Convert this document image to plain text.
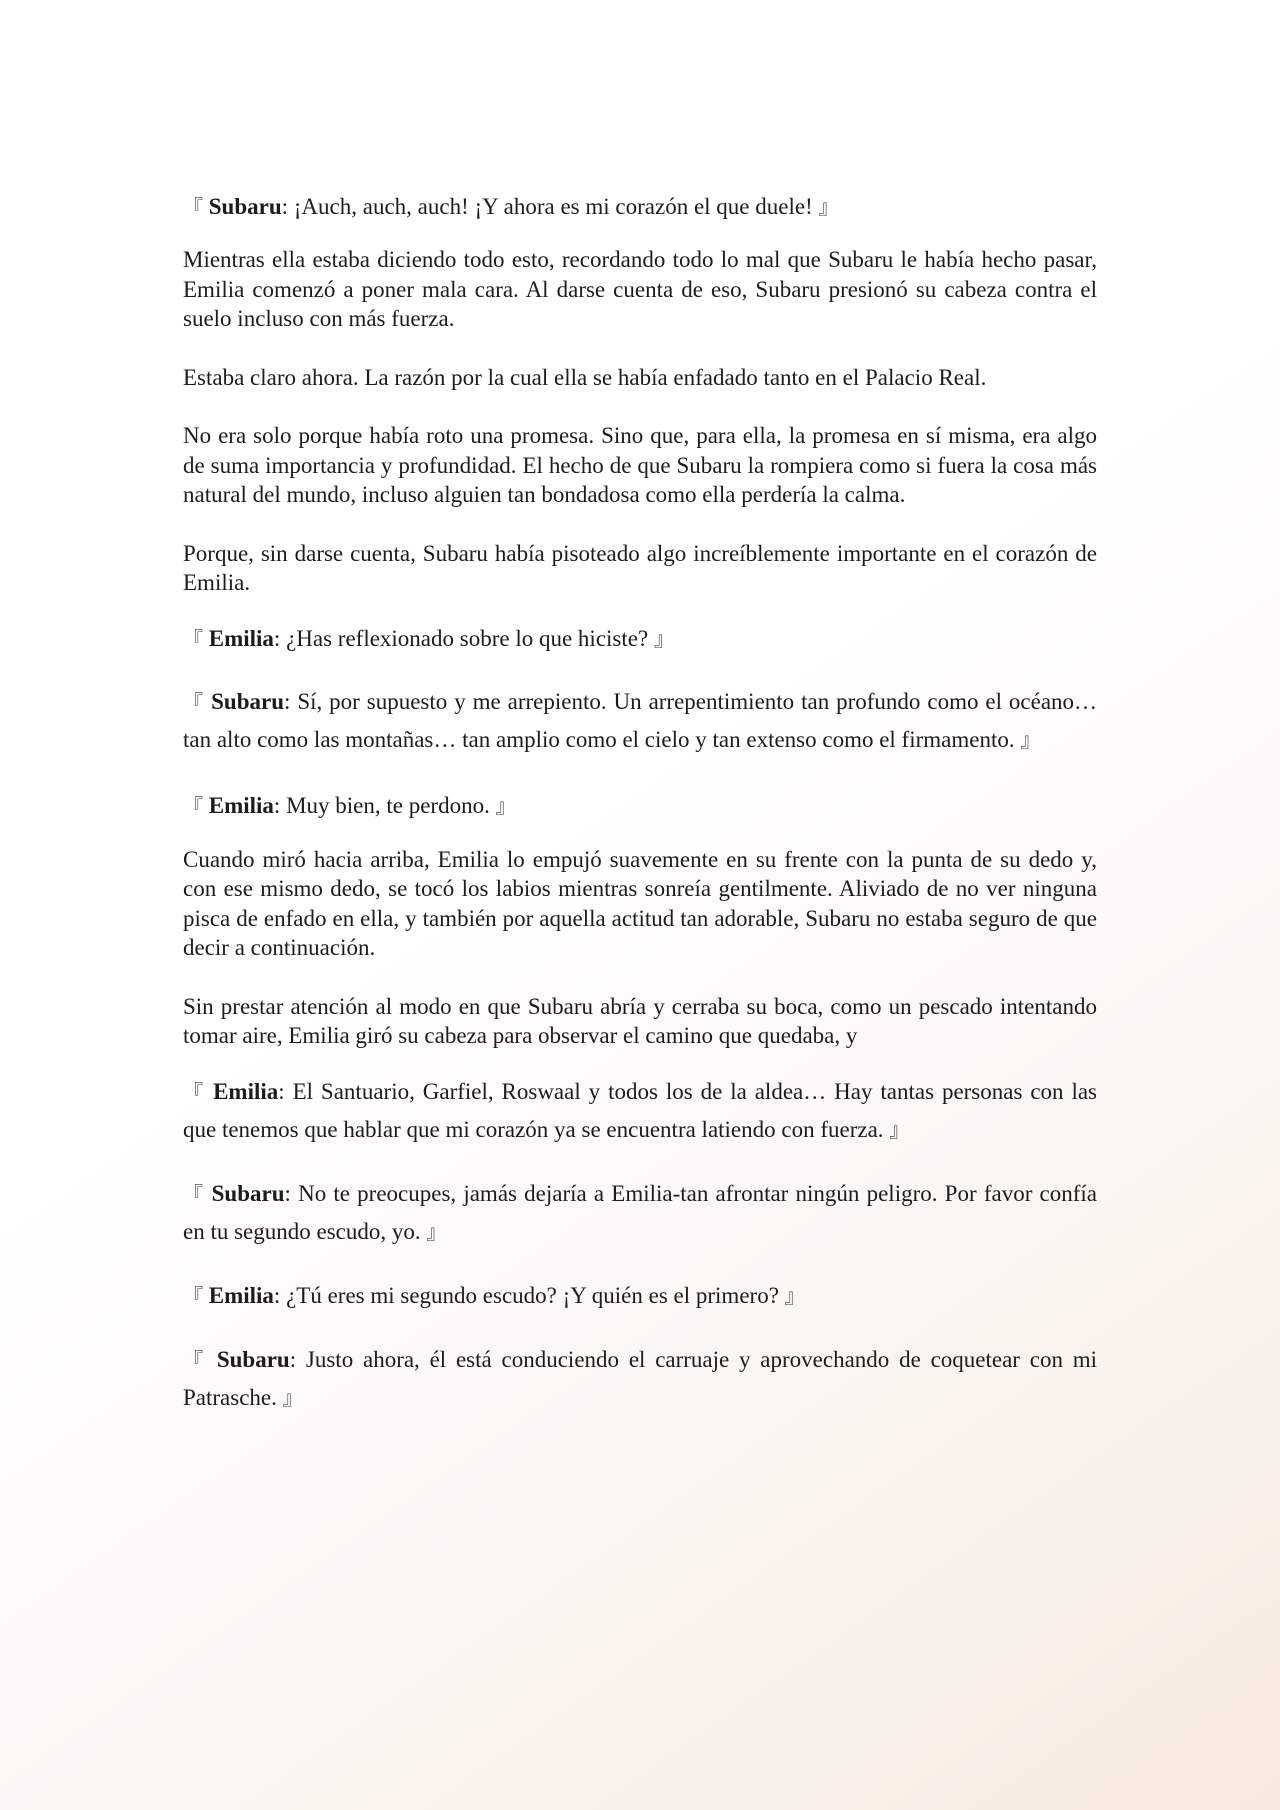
『 Subaru: ¡Auch, auch, auch! ¡Y ahora es mi corazón el que duele! 』

Mientras ella estaba diciendo todo esto, recordando todo lo mal que Subaru le había hecho pasar, Emilia comenzó a poner mala cara. Al darse cuenta de eso, Subaru presionó su cabeza contra el suelo incluso con más fuerza.

Estaba claro ahora. La razón por la cual ella se había enfadado tanto en el Palacio Real.

No era solo porque había roto una promesa. Sino que, para ella, la promesa en sí misma, era algo de suma importancia y profundidad. El hecho de que Subaru la rompiera como si fuera la cosa más natural del mundo, incluso alguien tan bondadosa como ella perdería la calma.

Porque, sin darse cuenta, Subaru había pisoteado algo increíblemente importante en el corazón de Emilia.

『 Emilia: ¿Has reflexionado sobre lo que hiciste? 』

『 Subaru: Sí, por supuesto y me arrepiento. Un arrepentimiento tan profundo como el océano… tan alto como las montañas… tan amplio como el cielo y tan extenso como el firmamento. 』

『 Emilia: Muy bien, te perdono. 』

Cuando miró hacia arriba, Emilia lo empujó suavemente en su frente con la punta de su dedo y, con ese mismo dedo, se tocó los labios mientras sonreía gentilmente. Aliviado de no ver ninguna pisca de enfado en ella, y también por aquella actitud tan adorable, Subaru no estaba seguro de que decir a continuación.

Sin prestar atención al modo en que Subaru abría y cerraba su boca, como un pescado intentando tomar aire, Emilia giró su cabeza para observar el camino que quedaba, y

『 Emilia: El Santuario, Garfiel, Roswaal y todos los de la aldea… Hay tantas personas con las que tenemos que hablar que mi corazón ya se encuentra latiendo con fuerza. 』

『 Subaru: No te preocupes, jamás dejaría a Emilia-tan afrontar ningún peligro. Por favor confía en tu segundo escudo, yo. 』

『 Emilia: ¿Tú eres mi segundo escudo? ¡Y quién es el primero? 』

『 Subaru: Justo ahora, él está conduciendo el carruaje y aprovechando de coquetear con mi Patrasche. 』
